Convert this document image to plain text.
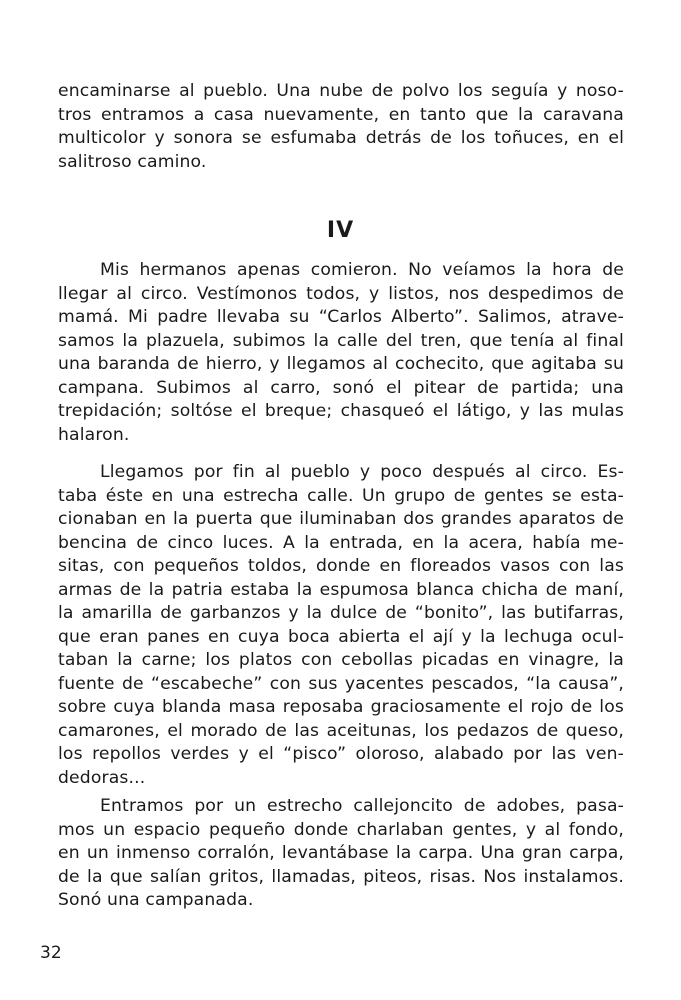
encaminarse al pueblo. Una nube de polvo los seguía y noso-
tros entramos a casa nuevamente, en tanto que la caravana
multicolor y sonora se esfumaba detrás de los toñuces, en el
salitroso camino.
IV
Mis hermanos apenas comieron. No veíamos la hora de
llegar al circo. Vestímonos todos, y listos, nos despedimos de
mamá. Mi padre llevaba su “Carlos Alberto”. Salimos, atrave-
samos la plazuela, subimos la calle del tren, que tenía al final
una baranda de hierro, y llegamos al cochecito, que agitaba su
campana. Subimos al carro, sonó el pitear de partida; una
trepidación; soltóse el breque; chasqueó el látigo, y las mulas
halaron.
Llegamos por fin al pueblo y poco después al circo. Es-
taba éste en una estrecha calle. Un grupo de gentes se esta-
cionaban en la puerta que iluminaban dos grandes aparatos de
bencina de cinco luces. A la entrada, en la acera, había me-
sitas, con pequeños toldos, donde en floreados vasos con las
armas de la patria estaba la espumosa blanca chicha de maní,
la amarilla de garbanzos y la dulce de “bonito”, las butifarras,
que eran panes en cuya boca abierta el ají y la lechuga ocul-
taban la carne; los platos con cebollas picadas en vinagre, la
fuente de “escabeche” con sus yacentes pescados, “la causa”,
sobre cuya blanda masa reposaba graciosamente el rojo de los
camarones, el morado de las aceitunas, los pedazos de queso,
los repollos verdes y el “pisco” oloroso, alabado por las ven-
dedoras...
Entramos por un estrecho callejoncito de adobes, pasa-
mos un espacio pequeño donde charlaban gentes, y al fondo,
en un inmenso corralón, levantábase la carpa. Una gran carpa,
de la que salían gritos, llamadas, piteos, risas. Nos instalamos.
Sonó una campanada.
32
